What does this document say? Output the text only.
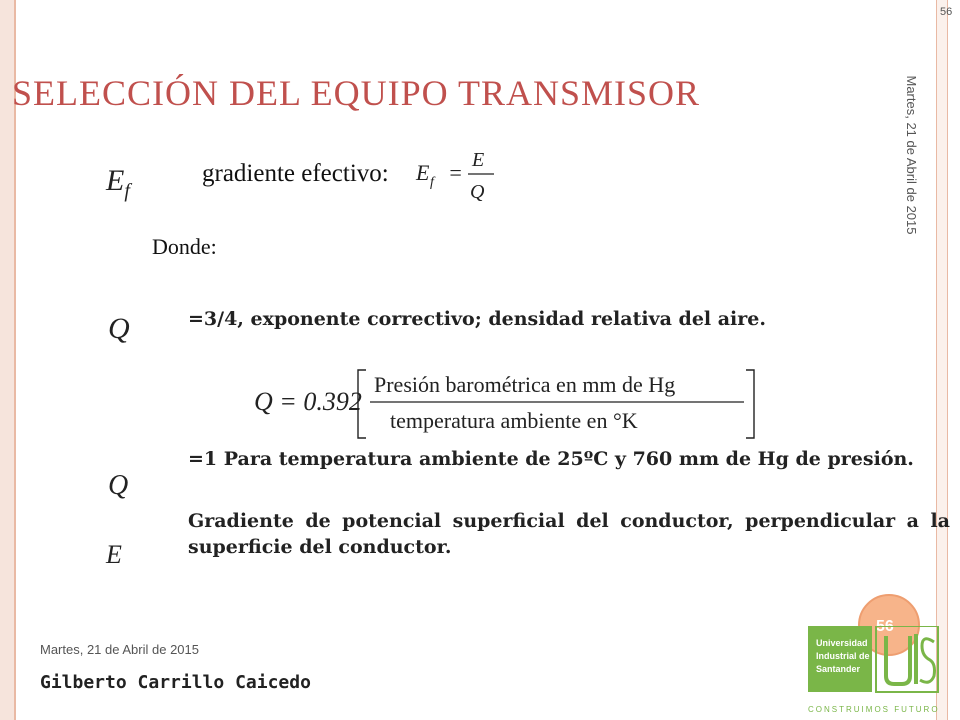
56
Martes, 21 de Abril de 2015
SELECCIÓN DEL EQUIPO TRANSMISOR
$E_f$
gradiente efectivo: E f = E
Q
Donde:
Q	=3/4, exponente correctivo; densidad relativa del aire.
Q = 0.392
Presión barométrica en mm de Hg
temperatura ambiente en °K
Q
=1 Para temperatura ambiente de 25ºC y 760 mm de Hg de presión.
E
Gradiente de potencial superficial del conductor, perpendicular a la superficie del conductor.
Martes, 21 de Abril de 2015
Gilberto Carrillo Caicedo
56
Universidad
Industrial de
Santander
CONSTRUIMOS FUTURO
